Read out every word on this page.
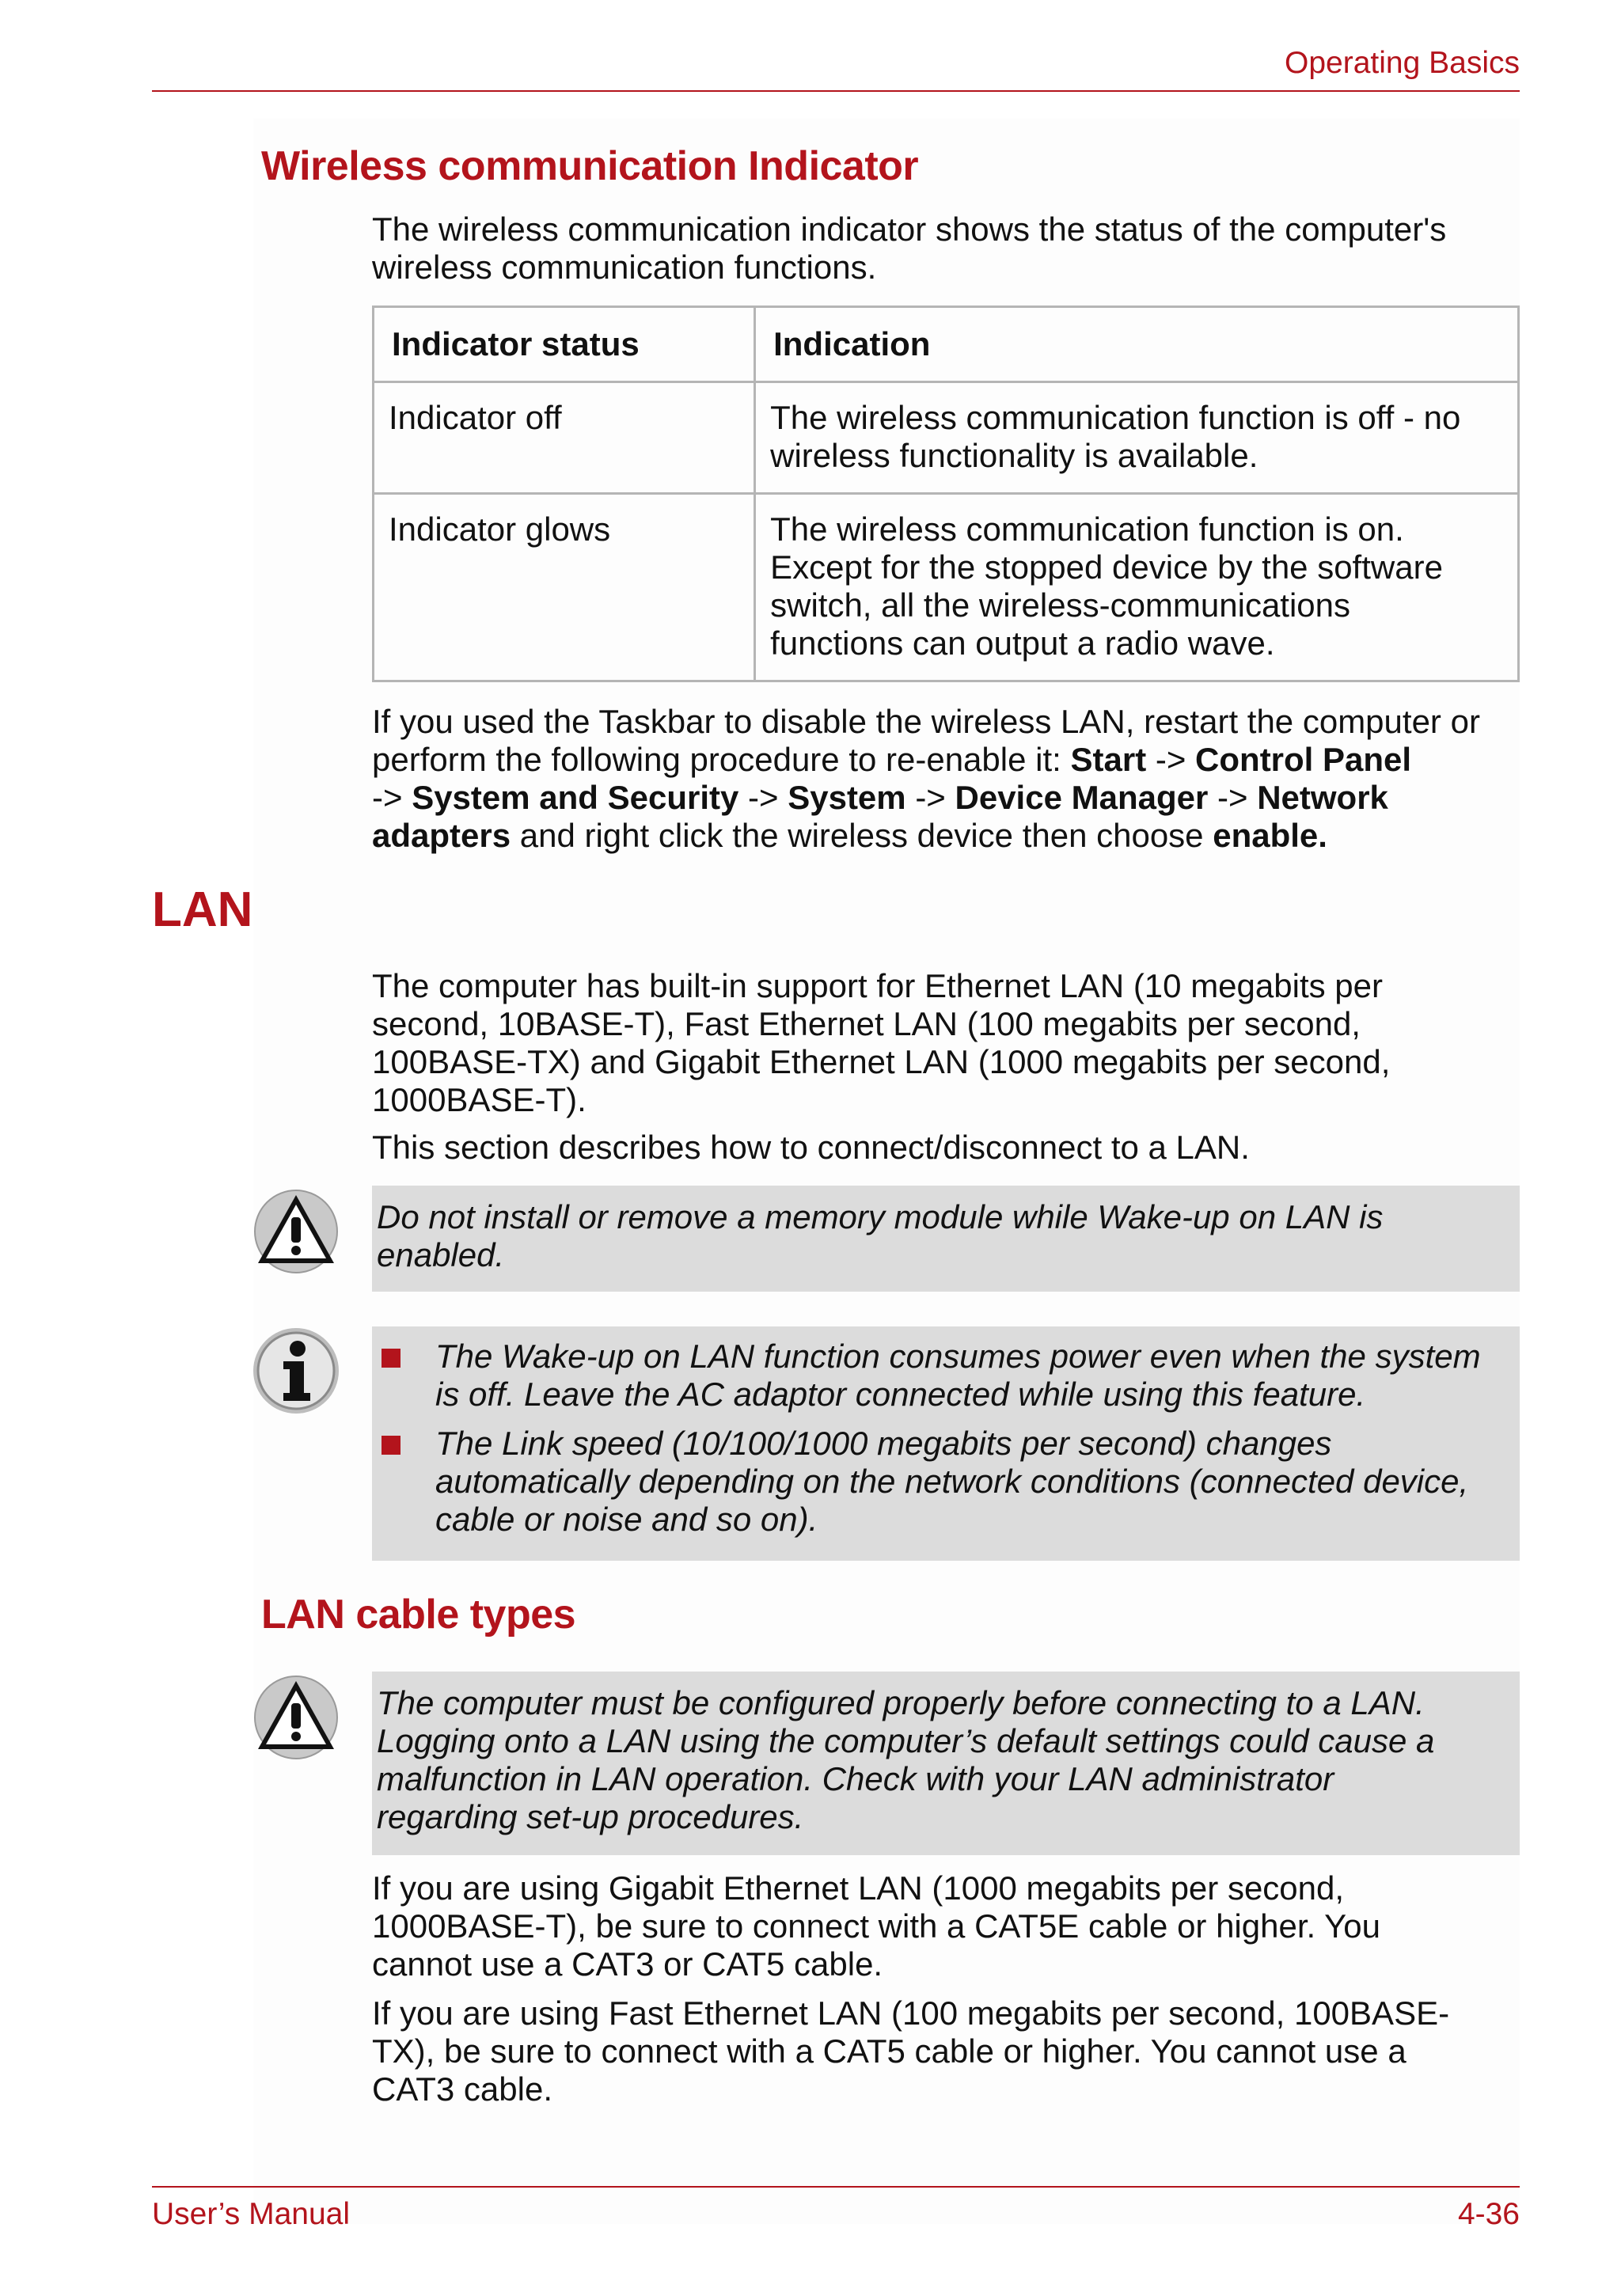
Operating Basics
Wireless communication Indicator
The wireless communication indicator shows the status of the computer's
wireless communication functions.
Indicator status	Indication
Indicator off	The wireless communication function is off - no
wireless functionality is available.

Indicator glows	The wireless communication function is on.
Except for the stopped device by the software
switch, all the wireless-communications
functions can output a radio wave.
If you used the Taskbar to disable the wireless LAN, restart the computer or
perform the following procedure to re-enable it: Start -> Control Panel
-> System and Security -> System -> Device Manager -> Network
adapters and right click the wireless device then choose enable.
LAN
The computer has built-in support for Ethernet LAN (10 megabits per
second, 10BASE-T), Fast Ethernet LAN (100 megabits per second,
100BASE-TX) and Gigabit Ethernet LAN (1000 megabits per second,
1000BASE-T).
This section describes how to connect/disconnect to a LAN.
Do not install or remove a memory module while Wake-up on LAN is
enabled.
The Wake-up on LAN function consumes power even when the system
is off. Leave the AC adaptor connected while using this feature.
The Link speed (10/100/1000 megabits per second) changes
automatically depending on the network conditions (connected device,
cable or noise and so on).
LAN cable types
The computer must be configured properly before connecting to a LAN.
Logging onto a LAN using the computer’s default settings could cause a
malfunction in LAN operation. Check with your LAN administrator
regarding set-up procedures.
If you are using Gigabit Ethernet LAN (1000 megabits per second,
1000BASE-T), be sure to connect with a CAT5E cable or higher. You
cannot use a CAT3 or CAT5 cable.
If you are using Fast Ethernet LAN (100 megabits per second, 100BASE-
TX), be sure to connect with a CAT5 cable or higher. You cannot use a
CAT3 cable.
User’s Manual	4-36
